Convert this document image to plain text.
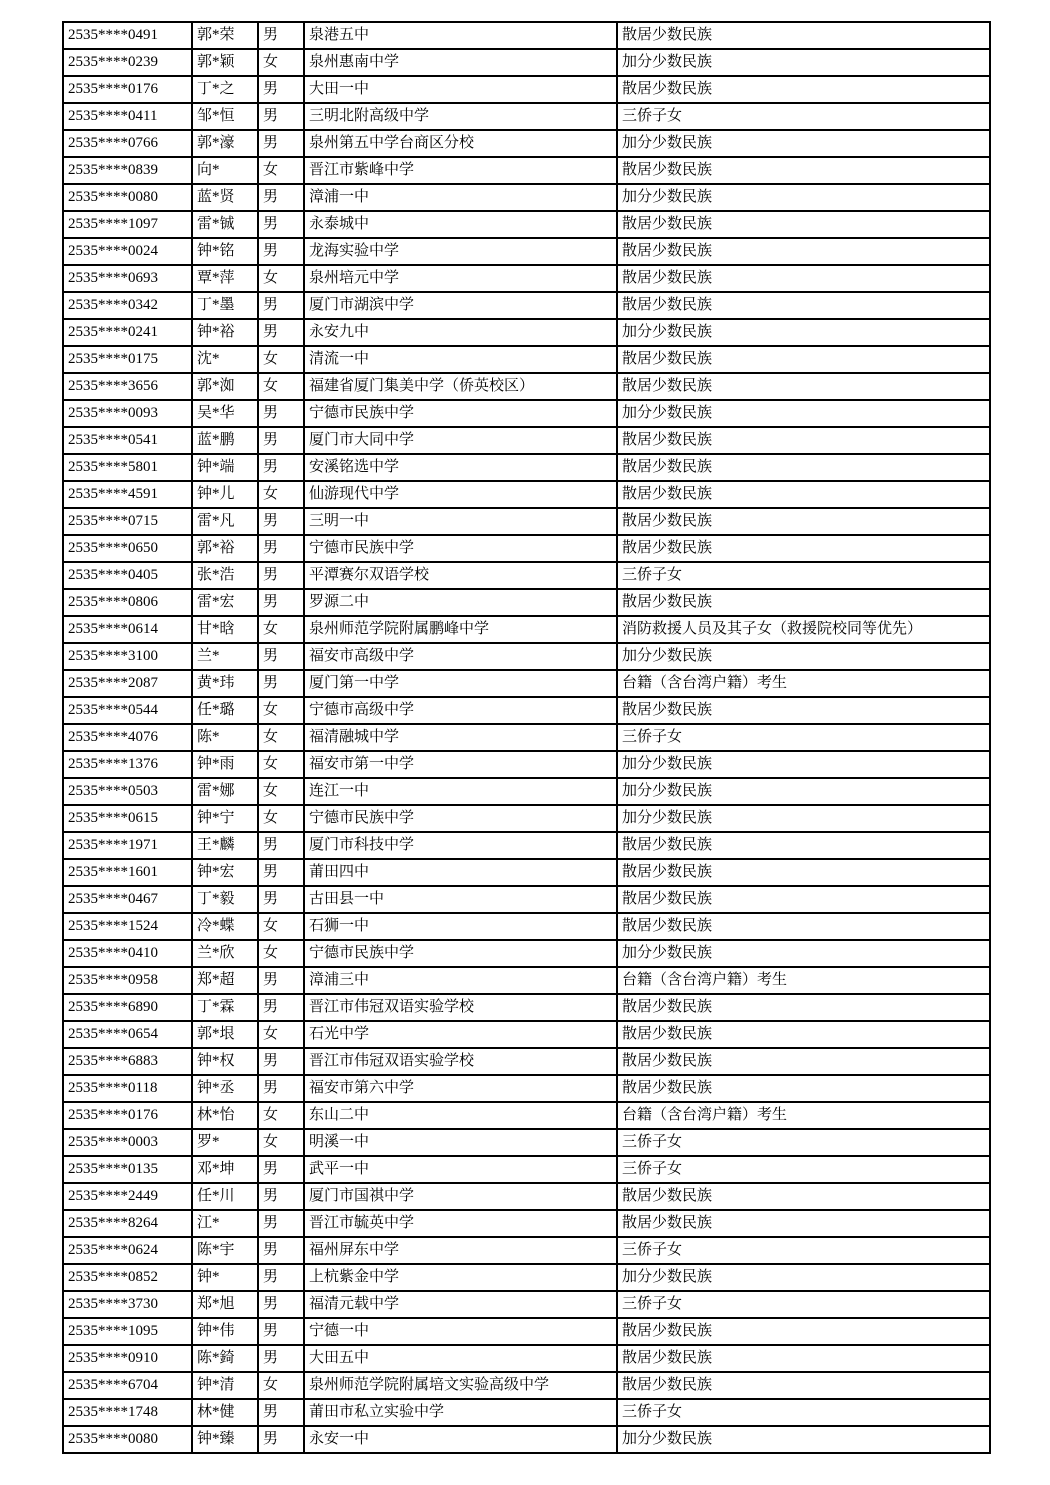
2535****0491	郭*荣	男	泉港五中	散居少数民族
2535****0239	郭*颖	女	泉州惠南中学	加分少数民族
2535****0176	丁*之	男	大田一中	散居少数民族
2535****0411	邹*恒	男	三明北附高级中学	三侨子女
2535****0766	郭*濠	男	泉州第五中学台商区分校	加分少数民族
2535****0839	向*	女	晋江市紫峰中学	散居少数民族
2535****0080	蓝*贤	男	漳浦一中	加分少数民族
2535****1097	雷*铖	男	永泰城中	散居少数民族
2535****0024	钟*铭	男	龙海实验中学	散居少数民族
2535****0693	覃*萍	女	泉州培元中学	散居少数民族
2535****0342	丁*墨	男	厦门市湖滨中学	散居少数民族
2535****0241	钟*裕	男	永安九中	加分少数民族
2535****0175	沈*	女	清流一中	散居少数民族
2535****3656	郭*洳	女	福建省厦门集美中学（侨英校区）	散居少数民族
2535****0093	吴*华	男	宁德市民族中学	加分少数民族
2535****0541	蓝*鹏	男	厦门市大同中学	散居少数民族
2535****5801	钟*端	男	安溪铭选中学	散居少数民族
2535****4591	钟*儿	女	仙游现代中学	散居少数民族
2535****0715	雷*凡	男	三明一中	散居少数民族
2535****0650	郭*裕	男	宁德市民族中学	散居少数民族
2535****0405	张*浩	男	平潭赛尔双语学校	三侨子女
2535****0806	雷*宏	男	罗源二中	散居少数民族
2535****0614	甘*晗	女	泉州师范学院附属鹏峰中学	消防救援人员及其子女（救援院校同等优先）
2535****3100	兰*	男	福安市高级中学	加分少数民族
2535****2087	黄*玮	男	厦门第一中学	台籍（含台湾户籍）考生
2535****0544	任*璐	女	宁德市高级中学	散居少数民族
2535****4076	陈*	女	福清融城中学	三侨子女
2535****1376	钟*雨	女	福安市第一中学	加分少数民族
2535****0503	雷*娜	女	连江一中	加分少数民族
2535****0615	钟*宁	女	宁德市民族中学	加分少数民族
2535****1971	王*麟	男	厦门市科技中学	散居少数民族
2535****1601	钟*宏	男	莆田四中	散居少数民族
2535****0467	丁*毅	男	古田县一中	散居少数民族
2535****1524	冷*蝶	女	石狮一中	散居少数民族
2535****0410	兰*欣	女	宁德市民族中学	加分少数民族
2535****0958	郑*超	男	漳浦三中	台籍（含台湾户籍）考生
2535****6890	丁*霖	男	晋江市伟冠双语实验学校	散居少数民族
2535****0654	郭*垠	女	石光中学	散居少数民族
2535****6883	钟*权	男	晋江市伟冠双语实验学校	散居少数民族
2535****0118	钟*丞	男	福安市第六中学	散居少数民族
2535****0176	林*怡	女	东山二中	台籍（含台湾户籍）考生
2535****0003	罗*	女	明溪一中	三侨子女
2535****0135	邓*坤	男	武平一中	三侨子女
2535****2449	任*川	男	厦门市国祺中学	散居少数民族
2535****8264	江*	男	晋江市毓英中学	散居少数民族
2535****0624	陈*宇	男	福州屏东中学	三侨子女
2535****0852	钟*	男	上杭紫金中学	加分少数民族
2535****3730	郑*旭	男	福清元载中学	三侨子女
2535****1095	钟*伟	男	宁德一中	散居少数民族
2535****0910	陈*錡	男	大田五中	散居少数民族
2535****6704	钟*清	女	泉州师范学院附属培文实验高级中学	散居少数民族
2535****1748	林*健	男	莆田市私立实验中学	三侨子女
2535****0080	钟*臻	男	永安一中	加分少数民族
